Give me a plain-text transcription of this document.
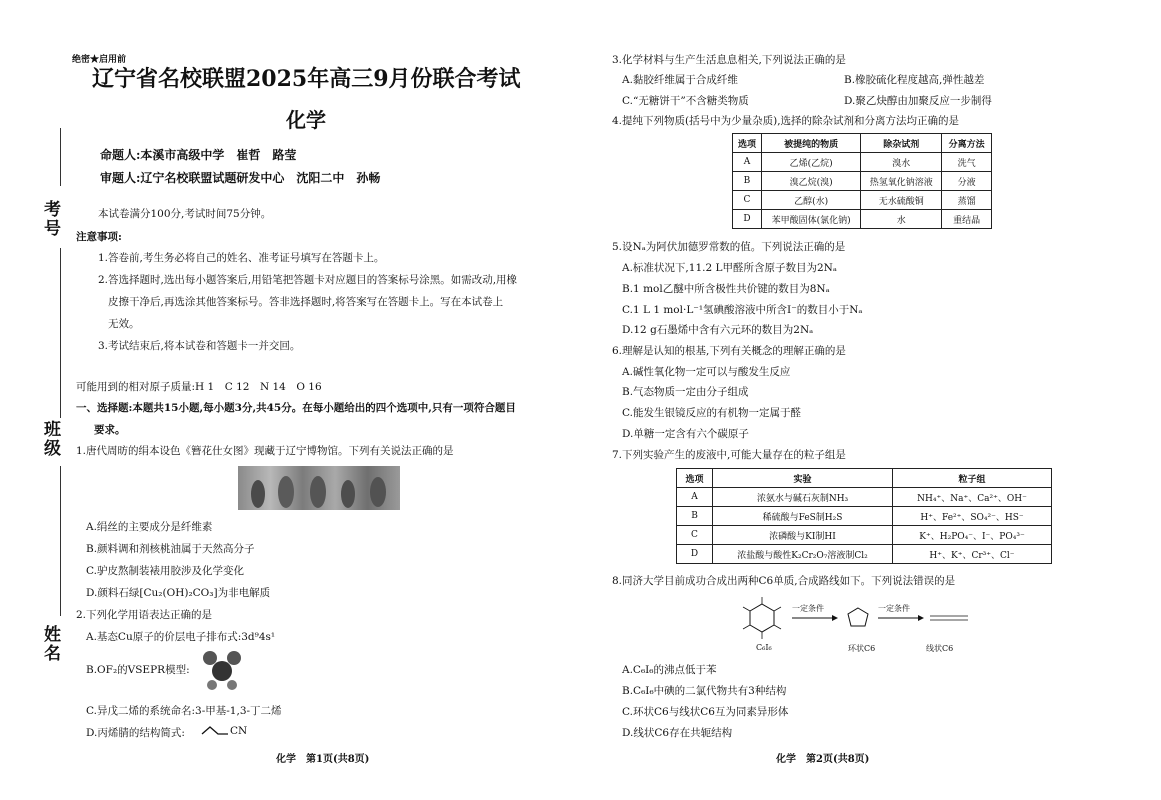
绝密★启用前
辽宁省名校联盟2025年高三9月份联合考试
化学
命题人:本溪市高级中学　崔哲　路莹
审题人:辽宁名校联盟试题研发中心　沈阳二中　孙畅
考号
班级
姓名
本试卷满分100分,考试时间75分钟。
注意事项:
1.答卷前,考生务必将自己的姓名、准考证号填写在答题卡上。
2.答选择题时,选出每小题答案后,用铅笔把答题卡对应题目的答案标号涂黑。如需改动,用橡
皮擦干净后,再选涂其他答案标号。答非选择题时,将答案写在答题卡上。写在本试卷上
无效。
3.考试结束后,将本试卷和答题卡一并交回。
可能用到的相对原子质量:H 1　C 12　N 14　O 16
一、选择题:本题共15小题,每小题3分,共45分。在每小题给出的四个选项中,只有一项符合题目
要求。
1.唐代周昉的绢本设色《簪花仕女图》现藏于辽宁博物馆。下列有关说法正确的是
A.绢丝的主要成分是纤维素
B.颜料调和剂核桃油属于天然高分子
C.驴皮熬制装裱用胶涉及化学变化
D.颜料石绿[Cu₂(OH)₂CO₃]为非电解质
2.下列化学用语表达正确的是
A.基态Cu原子的价层电子排布式:3d⁹4s¹
B.OF₂的VSEPR模型:
C.异戊二烯的系统命名:3-甲基-1,3-丁二烯
D.丙烯腈的结构简式:	CN
化学　第1页(共8页)
3.化学材料与生产生活息息相关,下列说法正确的是
A.黏胶纤维属于合成纤维	B.橡胶硫化程度越高,弹性越差
C.“无糖饼干”不含糖类物质	D.聚乙炔醇由加聚反应一步制得
4.提纯下列物质(括号中为少量杂质),选择的除杂试剂和分离方法均正确的是
选项	被提纯的物质	除杂试剂	分离方法
A	乙烯(乙烷)	溴水	洗气
B	溴乙烷(溴)	热氢氧化钠溶液	分液
C	乙醇(水)	无水硫酸铜	蒸馏
D	苯甲酸固体(氯化钠)	水	重结晶
5.设Nₐ为阿伏加德罗常数的值。下列说法正确的是
A.标准状况下,11.2 L甲醛所含原子数目为2Nₐ
B.1 mol乙醚中所含极性共价键的数目为8Nₐ
C.1 L 1 mol·L⁻¹氢碘酸溶液中所含I⁻的数目小于Nₐ
D.12 g石墨烯中含有六元环的数目为2Nₐ
6.理解是认知的根基,下列有关概念的理解正确的是
A.碱性氧化物一定可以与酸发生反应
B.气态物质一定由分子组成
C.能发生银镜反应的有机物一定属于醛
D.单糖一定含有六个碳原子
7.下列实验产生的废液中,可能大量存在的粒子组是
选项	实验	粒子组
A	浓氨水与碱石灰制NH₃	NH₄⁺、Na⁺、Ca²⁺、OH⁻
B	稀硫酸与FeS制H₂S	H⁺、Fe²⁺、SO₄²⁻、HS⁻
C	浓磷酸与KI制HI	K⁺、H₂PO₄⁻、I⁻、PO₄³⁻
D	浓盐酸与酸性K₂Cr₂O₇溶液制Cl₂	H⁺、K⁺、Cr³⁺、Cl⁻
8.同济大学目前成功合成出两种C6单质,合成路线如下。下列说法错误的是
一定条件	一定条件
C₆I₆	环状C6	线状C6
A.C₆I₆的沸点低于苯
B.C₆I₆中碘的二氯代物共有3种结构
C.环状C6与线状C6互为同素异形体
D.线状C6存在共轭结构
化学　第2页(共8页)
